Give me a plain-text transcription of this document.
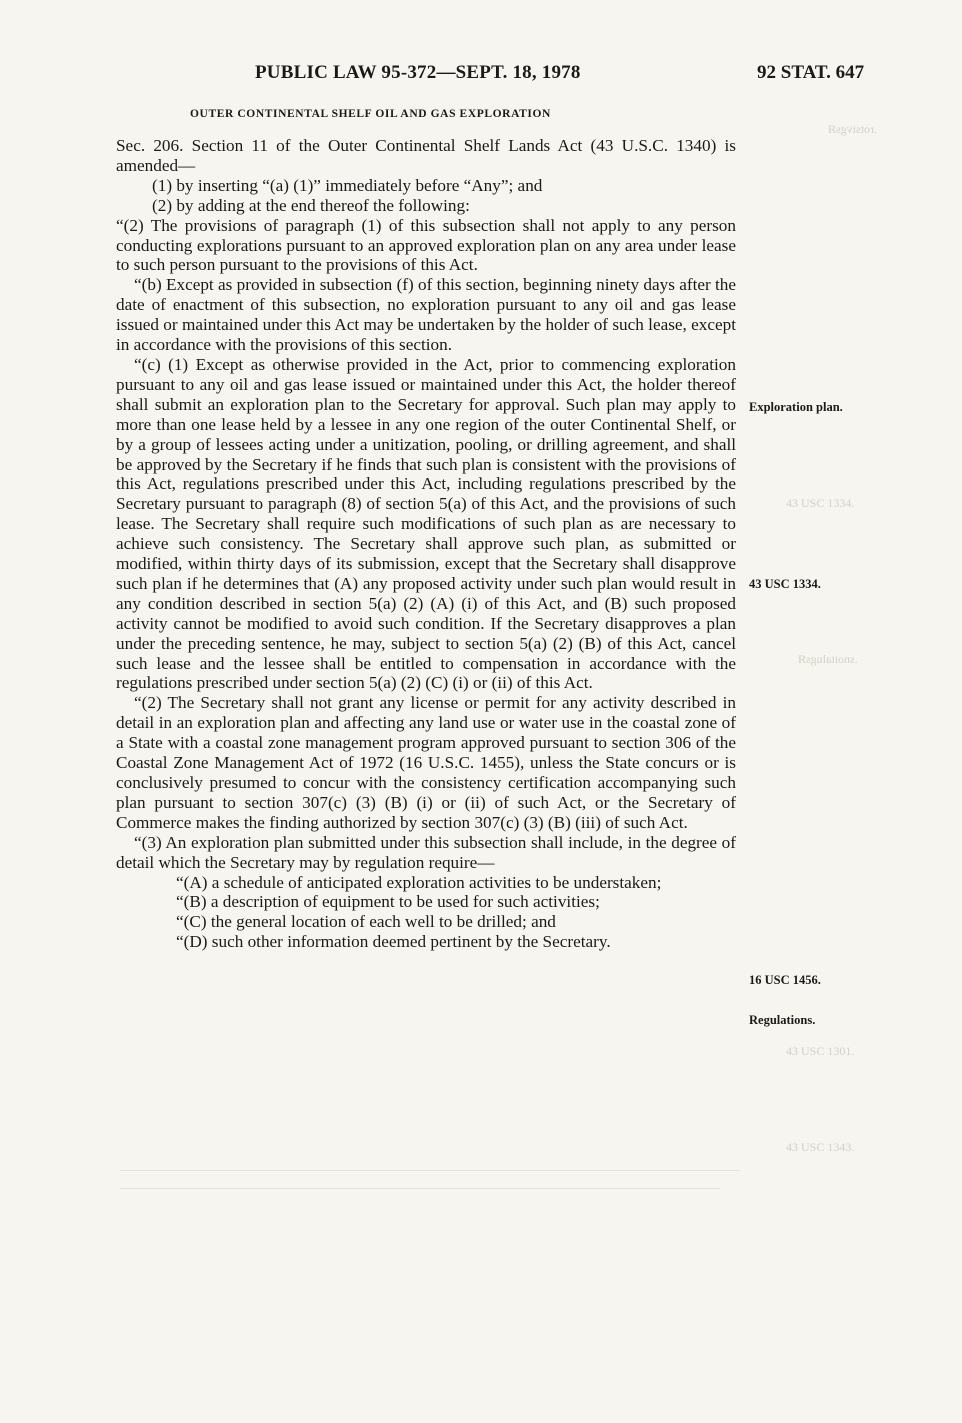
.rotsivgsЯ
43 USC 1334.
.snoitalugsЯ
43 USC 1301.
43 USC 1343.
PUBLIC LAW 95-372—SEPT. 18, 1978	92 STAT. 647
OUTER CONTINENTAL SHELF OIL AND GAS EXPLORATION

Sec. 206. Section 11 of the Outer Continental Shelf Lands Act (43 U.S.C. 1340) is amended—

(1) by inserting “(a) (1)” immediately before “Any”; and

(2) by adding at the end thereof the following:

“(2) The provisions of paragraph (1) of this subsection shall not apply to any person conducting explorations pursuant to an approved exploration plan on any area under lease to such person pursuant to the provisions of this Act.

“(b) Except as provided in subsection (f) of this section, beginning ninety days after the date of enactment of this subsection, no exploration pursuant to any oil and gas lease issued or maintained under this Act may be undertaken by the holder of such lease, except in accordance with the provisions of this section.

“(c) (1) Except as otherwise provided in the Act, prior to commencing exploration pursuant to any oil and gas lease issued or maintained under this Act, the holder thereof shall submit an exploration plan to the Secretary for approval. Such plan may apply to more than one lease held by a lessee in any one region of the outer Continental Shelf, or by a group of lessees acting under a unitization, pooling, or drilling agreement, and shall be approved by the Secretary if he finds that such plan is consistent with the provisions of this Act, regulations prescribed under this Act, including regulations prescribed by the Secretary pursuant to paragraph (8) of section 5(a) of this Act, and the provisions of such lease. The Secretary shall require such modifications of such plan as are necessary to achieve such consistency. The Secretary shall approve such plan, as submitted or modified, within thirty days of its submission, except that the Secretary shall disapprove such plan if he determines that (A) any proposed activity under such plan would result in any condition described in section 5(a) (2) (A) (i) of this Act, and (B) such proposed activity cannot be modified to avoid such condition. If the Secretary disapproves a plan under the preceding sentence, he may, subject to section 5(a) (2) (B) of this Act, cancel such lease and the lessee shall be entitled to compensation in accordance with the regulations prescribed under section 5(a) (2) (C) (i) or (ii) of this Act.

“(2) The Secretary shall not grant any license or permit for any activity described in detail in an exploration plan and affecting any land use or water use in the coastal zone of a State with a coastal zone management program approved pursuant to section 306 of the Coastal Zone Management Act of 1972 (16 U.S.C. 1455), unless the State concurs or is conclusively presumed to concur with the consistency certification accompanying such plan pursuant to section 307(c) (3) (B) (i) or (ii) of such Act, or the Secretary of Commerce makes the finding authorized by section 307(c) (3) (B) (iii) of such Act.

“(3) An exploration plan submitted under this subsection shall include, in the degree of detail which the Secretary may by regulation require—

“(A) a schedule of anticipated exploration activities to be understaken;

“(B) a description of equipment to be used for such activities;

“(C) the general location of each well to be drilled; and

“(D) such other information deemed pertinent by the Secretary.

Exploration plan.
43 USC 1334.
16 USC 1456.
Regulations.
